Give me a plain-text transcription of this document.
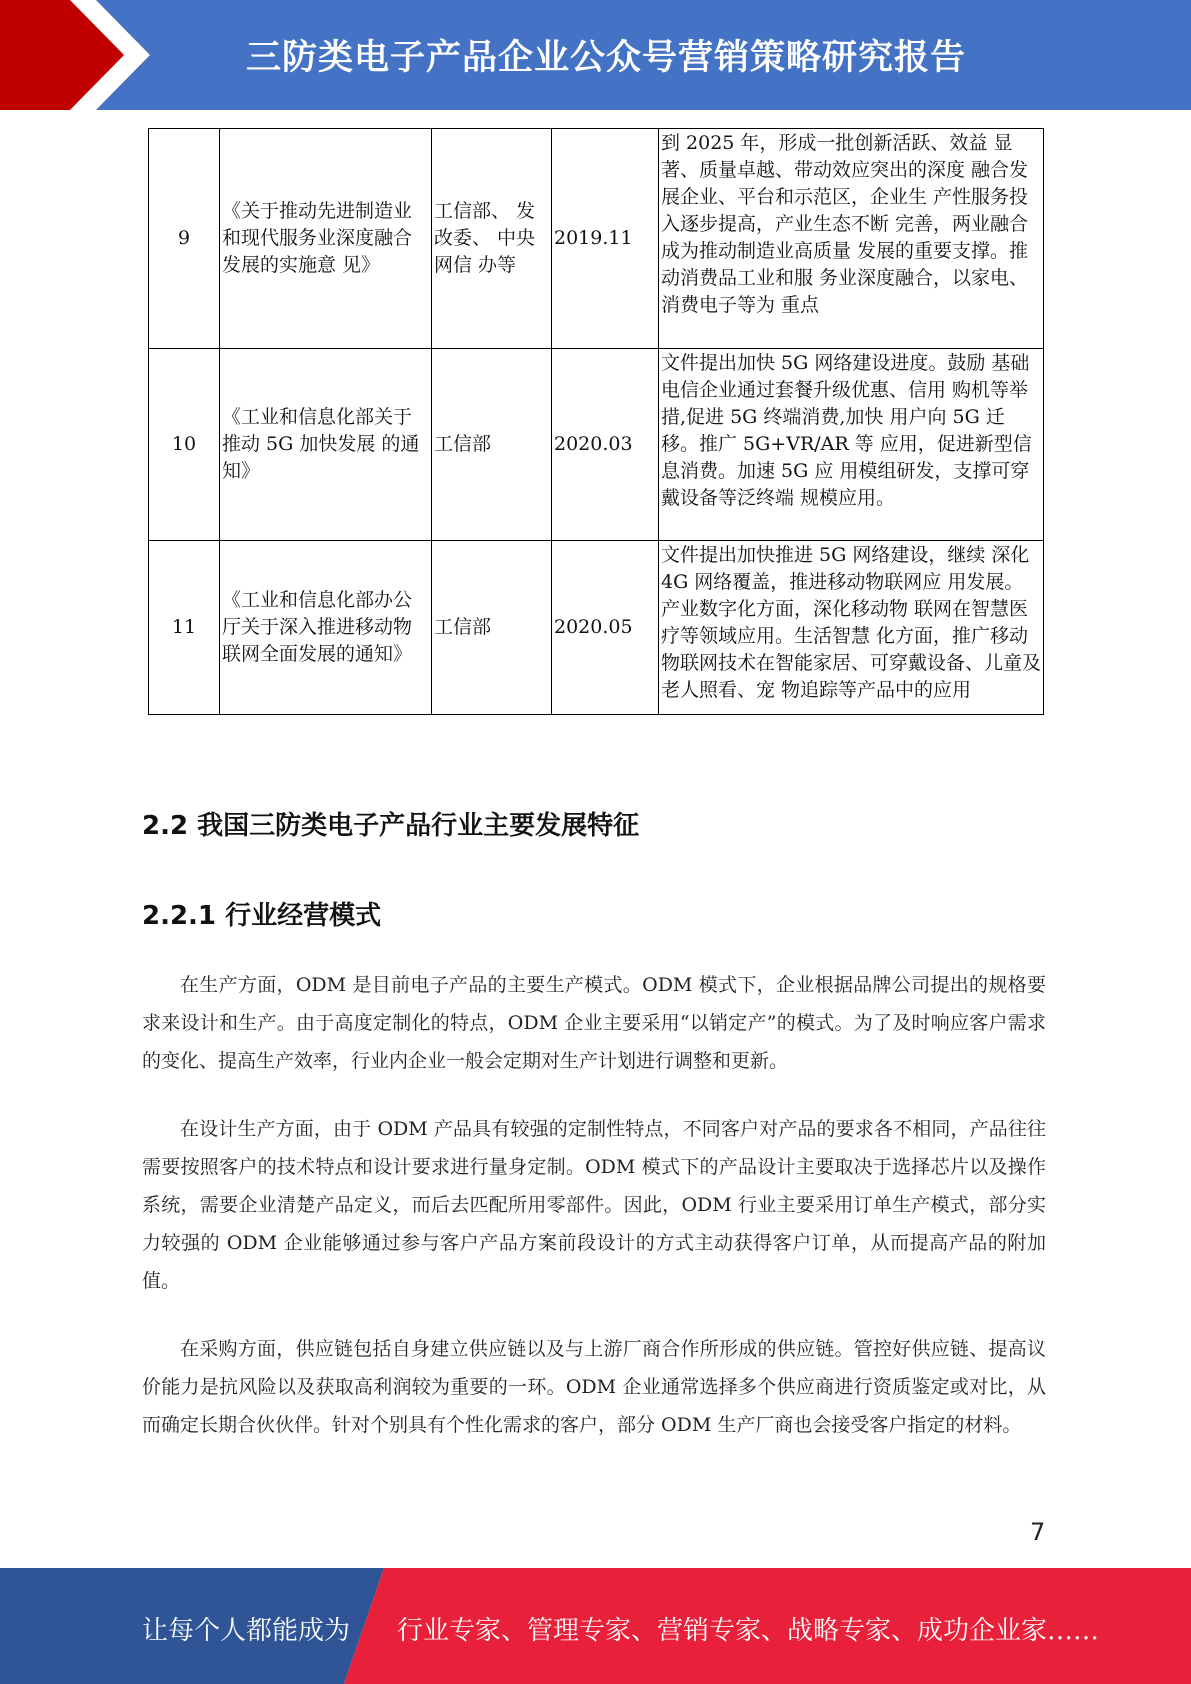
三防类电子产品企业公众号营销策略研究报告
9	《关于推动先进制造业和现代服务业深度融合发展的实施意 见》	工信部、 发改委、 中央网信 办等	2019.11	到 2025 年，形成一批创新活跃、效益 显著、质量卓越、带动效应突出的深度 融合发展企业、平台和示范区，企业生 产性服务投入逐步提高，产业生态不断 完善，两业融合成为推动制造业高质量 发展的重要支撑。推动消费品工业和服 务业深度融合，以家电、消费电子等为 重点

10	《工业和信息化部关于推动 5G 加快发展 的通知》	工信部	2020.03	文件提出加快 5G 网络建设进度。鼓励 基础电信企业通过套餐升级优惠、信用 购机等举措,促进 5G 终端消费,加快 用户向 5G 迁移。推广 5G+VR/AR 等 应用，促进新型信息消费。加速 5G 应 用模组研发，支撑可穿戴设备等泛终端 规模应用。

11	《工业和信息化部办公厅关于深入推进移动物联网全面发展的通知》	工信部	2020.05	文件提出加快推进 5G 网络建设，继续 深化 4G 网络覆盖，推进移动物联网应 用发展。产业数字化方面，深化移动物 联网在智慧医疗等领域应用。生活智慧 化方面，推广移动物联网技术在智能家居、可穿戴设备、儿童及老人照看、宠 物追踪等产品中的应用
2.2 我国三防类电子产品行业主要发展特征
2.2.1 行业经营模式

在生产方面，ODM 是目前电子产品的主要生产模式。ODM 模式下，企业根据品牌公司提出的规格要求来设计和生产。由于高度定制化的特点，ODM 企业主要采用“以销定产”的模式。为了及时响应客户需求的变化、提高生产效率，行业内企业一般会定期对生产计划进行调整和更新。

在设计生产方面，由于 ODM 产品具有较强的定制性特点，不同客户对产品的要求各不相同，产品往往需要按照客户的技术特点和设计要求进行量身定制。ODM 模式下的产品设计主要取决于选择芯片以及操作系统，需要企业清楚产品定义，而后去匹配所用零部件。因此，ODM 行业主要采用订单生产模式，部分实力较强的 ODM 企业能够通过参与客户产品方案前段设计的方式主动获得客户订单，从而提高产品的附加值。

在采购方面，供应链包括自身建立供应链以及与上游厂商合作所形成的供应链。管控好供应链、提高议价能力是抗风险以及获取高利润较为重要的一环。ODM 企业通常选择多个供应商进行资质鉴定或对比，从而确定长期合伙伙伴。针对个别具有个性化需求的客户，部分 ODM 生产厂商也会接受客户指定的材料。

7
让每个人都能成为 行业专家、管理专家、营销专家、战略专家、成功企业家……
